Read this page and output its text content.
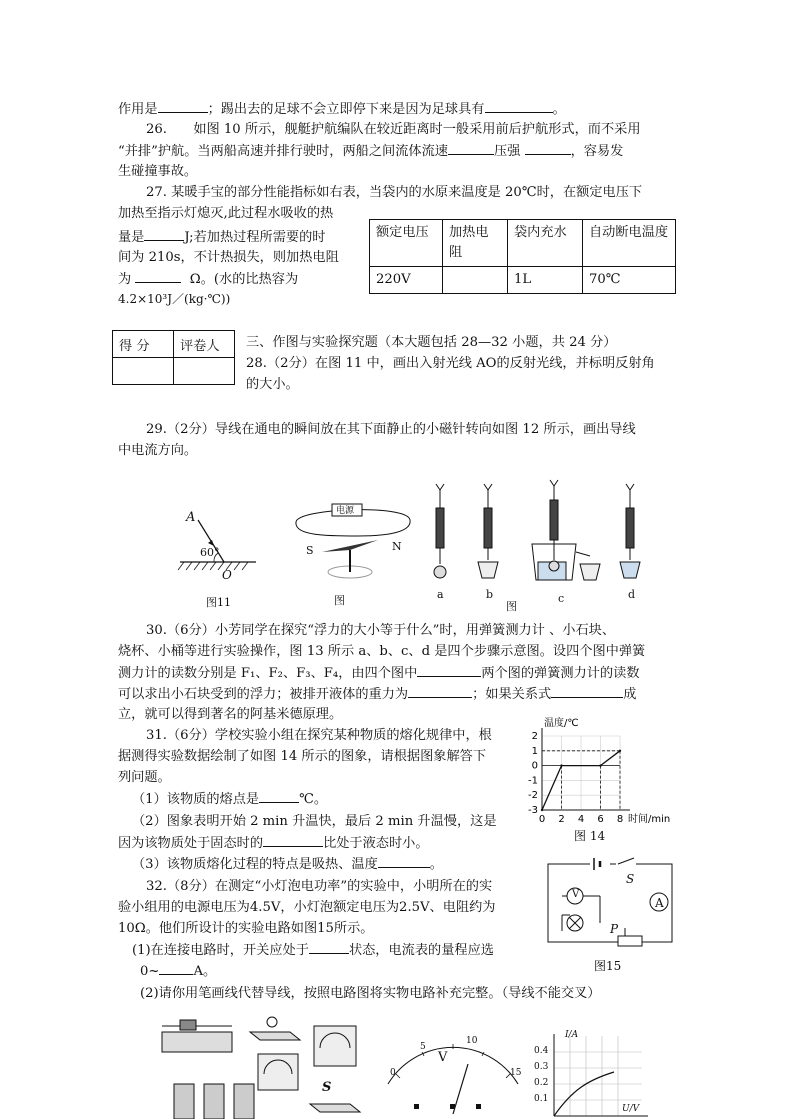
作用是	；踢出去的足球不会立即停下来是因为足球具有	。
26.　　如图 10 所示，舰艇护航编队在较近距离时一般采用前后护航形式，而不采用
“并排”护航。当两船高速并排行驶时，两船之间流体流速	压强	，容易发
生碰撞事故。
27. 某暖手宝的部分性能指标如右表，当袋内的水原来温度是 20℃时，在额定电压下
加热至指示灯熄灭,此过程水吸收的热
量是	J;若加热过程所需要的时
间为 210s，不计热损失，则加热电阻
为	Ω。(水的比热容为
4.2×10³J／(kg·℃))
额定电压	加热电阻	袋内充水	自动断电温度
220V		1L	70℃
得 分	评卷人
	三、作图与实验探究题（本大题包括 28—32 小题，共 24 分）
28.（2分）在图 11 中，画出入射光线 AO的反射光线，并标明反射角
的大小。
29.（2分）导线在通电的瞬间放在其下面静止的小磁针转向如图 12 所示，画出导线
中电流方向。
A
60°
O
图11
电源
S	N
图	a	b	c	d
图
30.（6分）小芳同学在探究“浮力的大小等于什么”时，用弹簧测力计 、小石块、
烧杯、小桶等进行实验操作，图 13 所示 a、b、c、d 是四个步骤示意图。设四个图中弹簧
测力计的读数分别是 F₁、F₂、F₃、F₄，由四个图中	两个图的弹簧测力计的读数
可以求出小石块受到的浮力；被排开液体的重力为	；如果关系式	成
立，就可以得到著名的阿基米德原理。
31.（6分）学校实验小组在探究某种物质的熔化规律中，根
据测得实验数据绘制了如图 14 所示的图象，请根据图象解答下
列问题。
（1）该物质的熔点是	℃。
（2）图象表明开始 2 min 升温快，最后 2 min 升温慢，这是
因为该物质处于固态时的	比处于液态时小。
（3）该物质熔化过程的特点是吸热、温度	。
0 2 4 6 8
-3
-2
-1
0
1
2
温度/℃
时间/min
图 14
32.（8分）在测定“小灯泡电功率”的实验中，小明所在的实
验小组用的电源电压为4.5V，小灯泡额定电压为2.5V、电阻约为
10Ω。他们所设计的实验电路如图15所示。
(1)在连接电路时，开关应处于	状态，电流表的量程应选
0~	A。
(2)请你用笔画线代替导线，按照电路图将实物电路补充完整。（导线不能交叉）
S
A
V
P
图15
S
V
0
5
10
15
I/A
U/V
0.4
0.3
0.2
0.1
